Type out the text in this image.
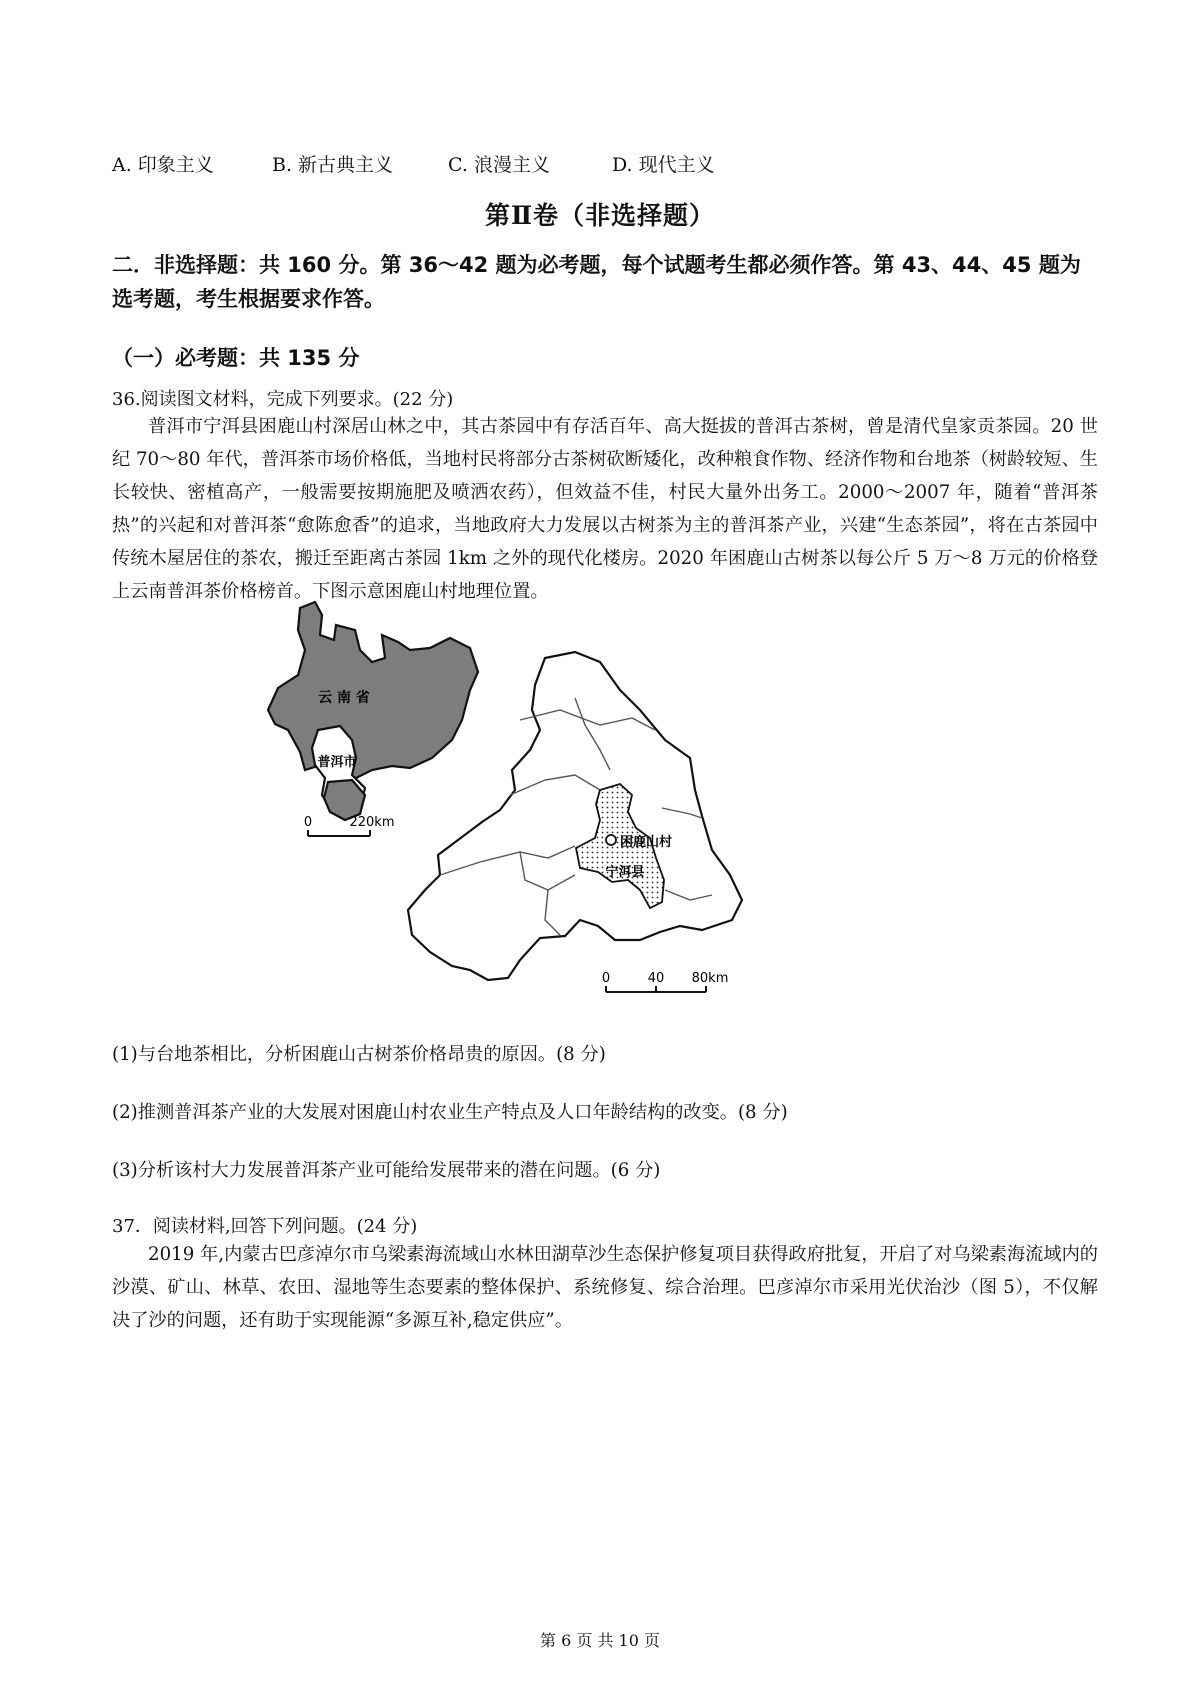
A. 印象主义	B. 新古典主义	C. 浪漫主义	D. 现代主义
第Ⅱ卷（非选择题）
二．非选择题：共 160 分。第 36～42 题为必考题，每个试题考生都必须作答。第 43、44、45 题为选考题，考生根据要求作答。
（一）必考题：共 135 分
36.阅读图文材料，完成下列要求。(22 分)
普洱市宁洱县困鹿山村深居山林之中，其古茶园中有存活百年、高大挺拔的普洱古茶树，曾是清代皇家贡茶园。20 世纪 70～80 年代，普洱茶市场价格低，当地村民将部分古茶树砍断矮化，改种粮食作物、经济作物和台地茶（树龄较短、生长较快、密植高产，一般需要按期施肥及喷洒农药），但效益不佳，村民大量外出务工。2000～2007 年，随着“普洱茶热”的兴起和对普洱茶“愈陈愈香”的追求，当地政府大力发展以古树茶为主的普洱茶产业，兴建“生态茶园”，将在古茶园中传统木屋居住的茶农，搬迁至距离古茶园 1km 之外的现代化楼房。2020 年困鹿山古树茶以每公斤 5 万～8 万元的价格登上云南普洱茶价格榜首。下图示意困鹿山村地理位置。
云 南 省
普洱市
0	220km
困鹿山村
宁洱县
0	40 80km
(1)与台地茶相比，分析困鹿山古树茶价格昂贵的原因。(8 分)
(2)推测普洱茶产业的大发展对困鹿山村农业生产特点及人口年龄结构的改变。(8 分)
(3)分析该村大力发展普洱茶产业可能给发展带来的潜在问题。(6 分)
37．阅读材料,回答下列问题。(24 分)
2019 年,内蒙古巴彦淖尔市乌梁素海流域山水林田湖草沙生态保护修复项目获得政府批复，开启了对乌梁素海流域内的沙漠、矿山、林草、农田、湿地等生态要素的整体保护、系统修复、综合治理。巴彦淖尔市采用光伏治沙（图 5），不仅解决了沙的问题，还有助于实现能源“多源互补,稳定供应”。
第 6 页 共 10 页
